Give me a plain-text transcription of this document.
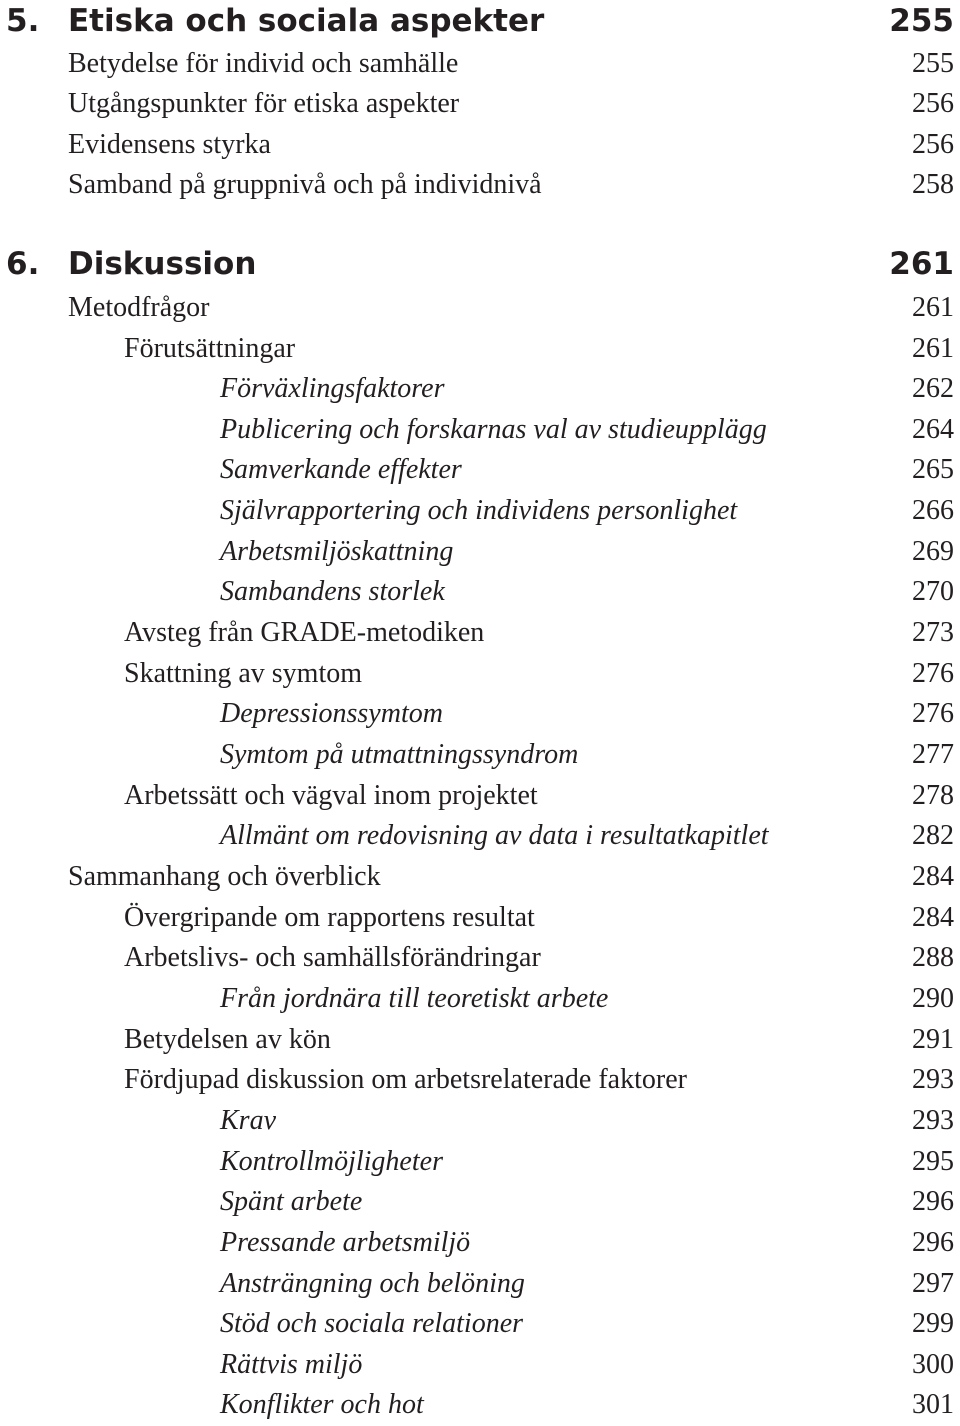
5. Etiska och sociala aspekter	255
Betydelse för individ och samhälle	255
Utgångspunkter för etiska aspekter	256
Evidensens styrka	256
Samband på gruppnivå och på individnivå	258
6. Diskussion	261
Metodfrågor	261
Förutsättningar	261
Förväxlingsfaktorer	262
Publicering och forskarnas val av studieupplägg	264
Samverkande effekter	265
Självrapportering och individens personlighet	266
Arbetsmiljöskattning	269
Sambandens storlek	270
Avsteg från GRADE-metodiken	273
Skattning av symtom	276
Depressionssymtom	276
Symtom på utmattningssyndrom	277
Arbetssätt och vägval inom projektet	278
Allmänt om redovisning av data i resultatkapitlet	282
Sammanhang och överblick	284
Övergripande om rapportens resultat	284
Arbetslivs- och samhällsförändringar	288
Från jordnära till teoretiskt arbete	290
Betydelsen av kön	291
Fördjupad diskussion om arbetsrelaterade faktorer	293
Krav	293
Kontrollmöjligheter	295
Spänt arbete	296
Pressande arbetsmiljö	296
Ansträngning och belöning	297
Stöd och sociala relationer	299
Rättvis miljö	300
Konflikter och hot	301
